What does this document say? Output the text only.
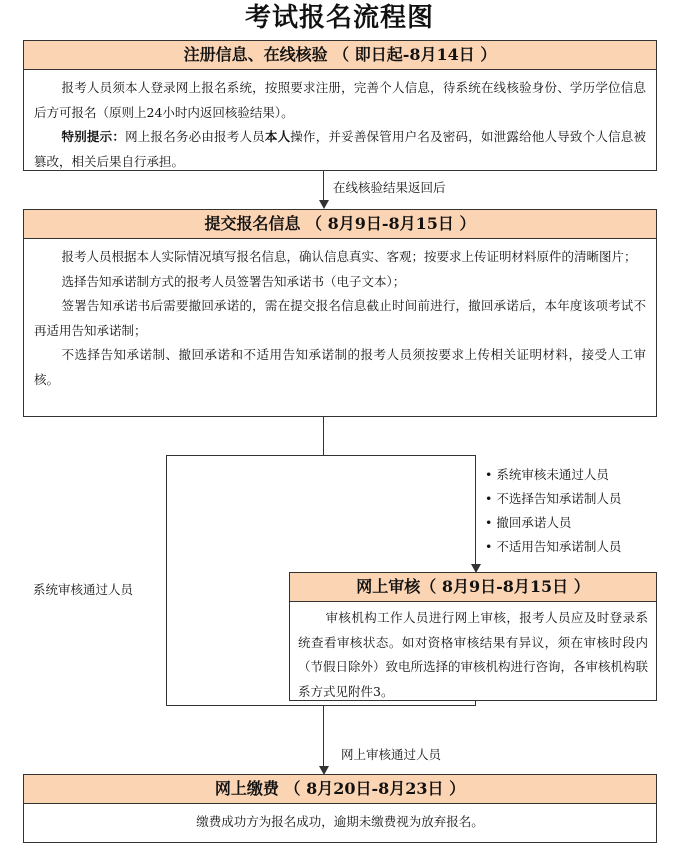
考试报名流程图
注册信息、在线核验 （ 即日起-8月14日 ）

报考人员须本人登录网上报名系统，按照要求注册，完善个人信息，待系统在线核验身份、学历学位信息后方可报名（原则上24小时内返回核验结果）。

特别提示：网上报名务必由报考人员本人操作，并妥善保管用户名及密码，如泄露给他人导致个人信息被篡改，相关后果自行承担。

在线核验结果返回后
提交报名信息 （ 8月9日-8月15日 ）

报考人员根据本人实际情况填写报名信息，确认信息真实、客观；按要求上传证明材料原件的清晰图片；

选择告知承诺制方式的报考人员签署告知承诺书（电子文本）；

签署告知承诺书后需要撤回承诺的，需在提交报名信息截止时间前进行，撤回承诺后，本年度该项考试不再适用告知承诺制；

不选择告知承诺制、撤回承诺和不适用告知承诺制的报考人员须按要求上传相关证明材料，接受人工审核。

系统审核通过人员
• 系统审核未通过人员
• 不选择告知承诺制人员
• 撤回承诺人员
• 不适用告知承诺制人员
网上审核（ 8月9日-8月15日 ）

审核机构工作人员进行网上审核，报考人员应及时登录系统查看审核状态。如对资格审核结果有异议，须在审核时段内（节假日除外）致电所选择的审核机构进行咨询，各审核机构联系方式见附件3。

网上审核通过人员
网上缴费 （ 8月20日-8月23日 ）

缴费成功方为报名成功，逾期未缴费视为放弃报名。
